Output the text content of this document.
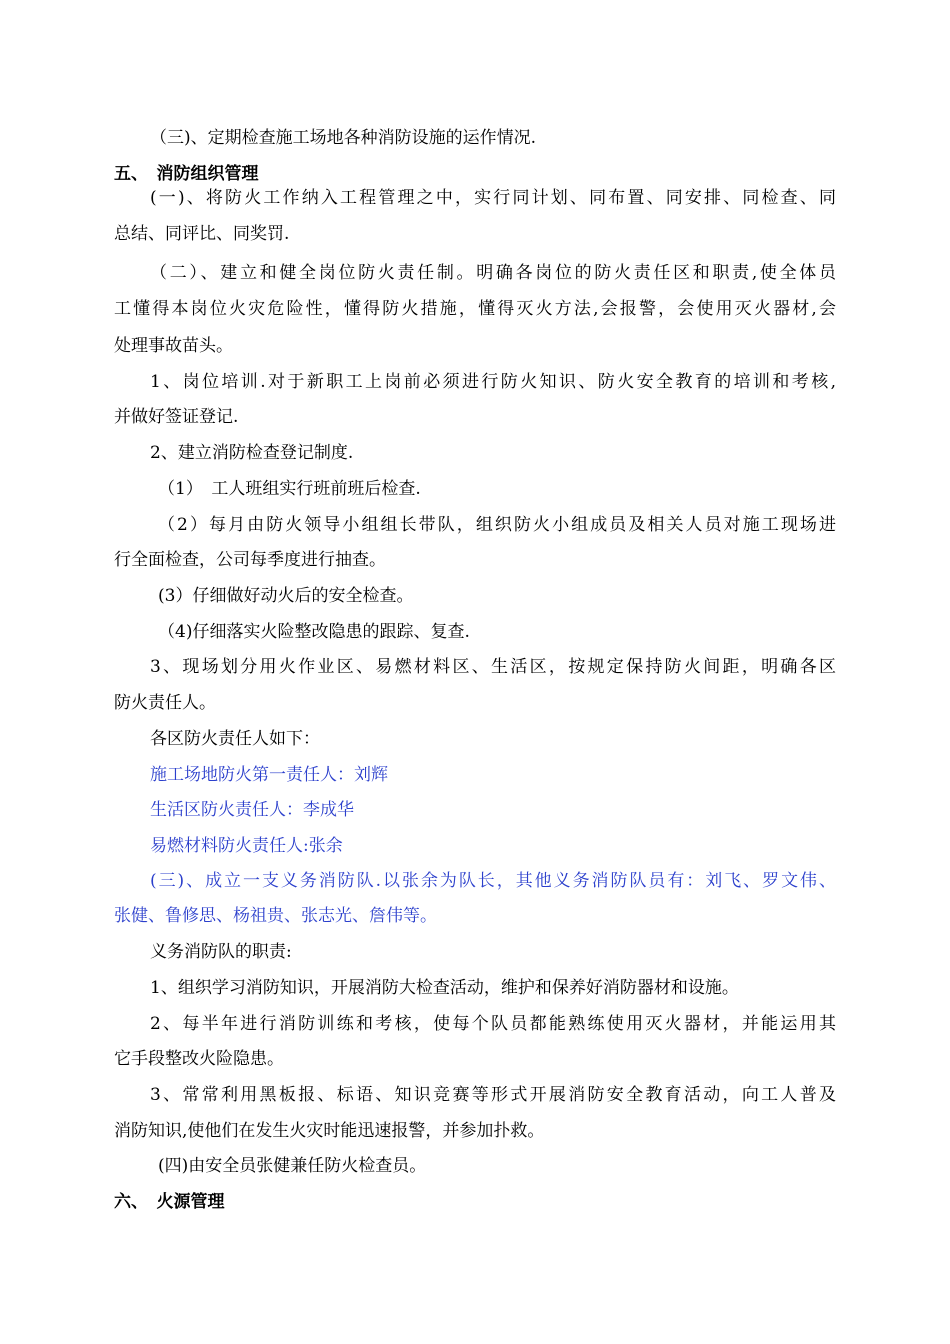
（三)、定期检查施工场地各种消防设施的运作情况.
五、　消防组织管理
(一)、将防火工作纳入工程管理之中，实行同计划、同布置、同安排、同检查、同
总结、同评比、同奖罚.
（二）、建立和健全岗位防火责任制。明确各岗位的防火责任区和职责,使全体员
工懂得本岗位火灾危险性，懂得防火措施，懂得灭火方法,会报警，会使用灭火器材,会
处理事故苗头。
1、岗位培训.对于新职工上岗前必须进行防火知识、防火安全教育的培训和考核,
并做好签证登记.
2、建立消防检查登记制度.
（1）　工人班组实行班前班后检查.
（2）每月由防火领导小组组长带队，组织防火小组成员及相关人员对施工现场进
行全面检查，公司每季度进行抽查。
(3）仔细做好动火后的安全检查。
（4)仔细落实火险整改隐患的跟踪、复查.
3、现场划分用火作业区、易燃材料区、生活区，按规定保持防火间距，明确各区
防火责任人。
各区防火责任人如下：
施工场地防火第一责任人：刘辉
生活区防火责任人：李成华
易燃材料防火责任人:张余
(三)、成立一支义务消防队.以张余为队长，其他义务消防队员有：刘飞、罗文伟、
张健、鲁修思、杨祖贵、张志光、詹伟等。
义务消防队的职责:
1、组织学习消防知识，开展消防大检查活动，维护和保养好消防器材和设施。
2、每半年进行消防训练和考核，使每个队员都能熟练使用灭火器材，并能运用其
它手段整改火险隐患。
3、常常利用黑板报、标语、知识竞赛等形式开展消防安全教育活动，向工人普及
消防知识,使他们在发生火灾时能迅速报警，并参加扑救。
(四)由安全员张健兼任防火检查员。
六、　火源管理
